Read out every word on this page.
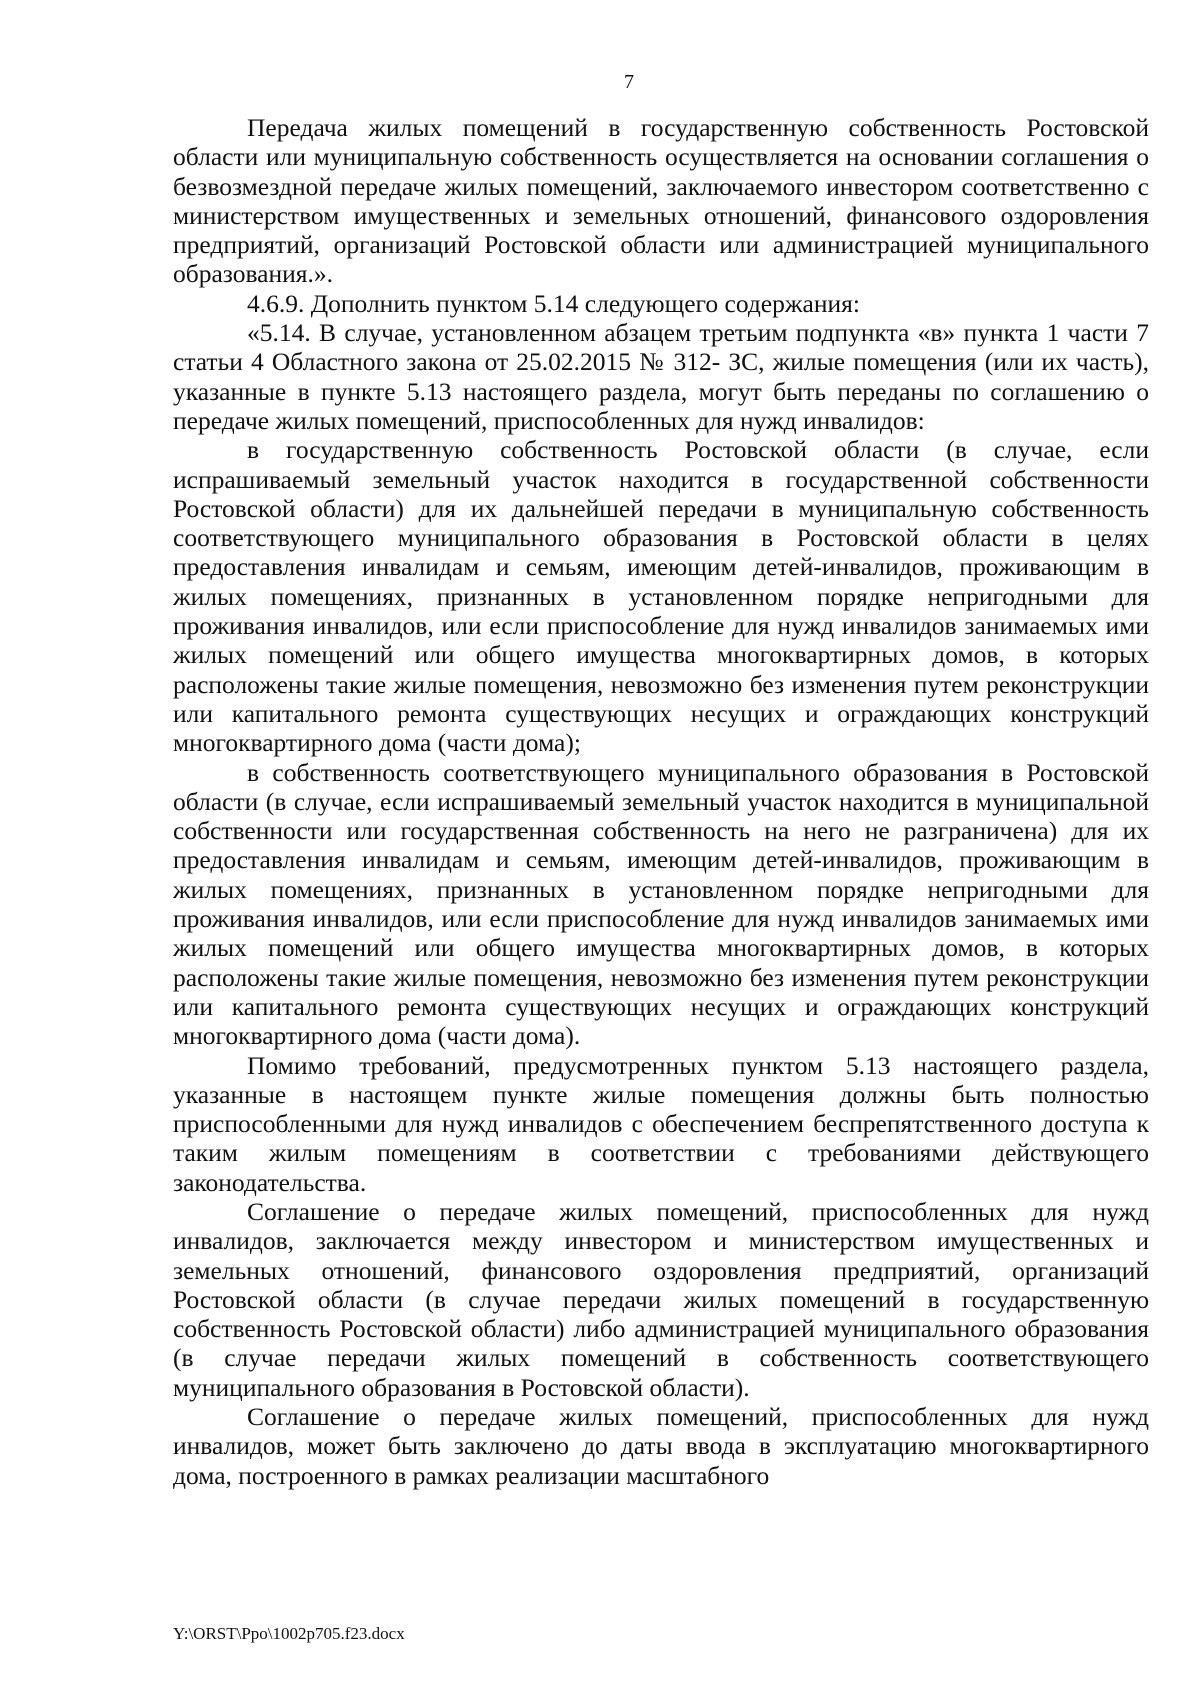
7

Передача жилых помещений в государственную собственность Ростовской области или муниципальную собственность осуществляется на основании соглашения о безвозмездной передаче жилых помещений, заключаемого инвестором соответственно с министерством имущественных и земельных отношений, финансового оздоровления предприятий, организаций Ростовской области или администрацией муниципального образования.».

4.6.9. Дополнить пунктом 5.14 следующего содержания:

«5.14. В случае, установленном абзацем третьим подпункта «в» пункта 1 части 7 статьи 4 Областного закона от 25.02.2015 № 312- ЗС, жилые помещения (или их часть), указанные в пункте 5.13 настоящего раздела, могут быть переданы по соглашению о передаче жилых помещений, приспособленных для нужд инвалидов:

в государственную собственность Ростовской области (в случае, если испрашиваемый земельный участок находится в государственной собственности Ростовской области) для их дальнейшей передачи в муниципальную собственность соответствующего муниципального образования в Ростовской области в целях предоставления инвалидам и семьям, имеющим детей-инвалидов, проживающим в жилых помещениях, признанных в установленном порядке непригодными для проживания инвалидов, или если приспособление для нужд инвалидов занимаемых ими жилых помещений или общего имущества многоквартирных домов, в которых расположены такие жилые помещения, невозможно без изменения путем реконструкции или капитального ремонта существующих несущих и ограждающих конструкций многоквартирного дома (части дома);

в собственность соответствующего муниципального образования в Ростовской области (в случае, если испрашиваемый земельный участок находится в муниципальной собственности или государственная собственность на него не разграничена) для их предоставления инвалидам и семьям, имеющим детей-инвалидов, проживающим в жилых помещениях, признанных в установленном порядке непригодными для проживания инвалидов, или если приспособление для нужд инвалидов занимаемых ими жилых помещений или общего имущества многоквартирных домов, в которых расположены такие жилые помещения, невозможно без изменения путем реконструкции или капитального ремонта существующих несущих и ограждающих конструкций многоквартирного дома (части дома).

Помимо требований, предусмотренных пунктом 5.13 настоящего раздела, указанные в настоящем пункте жилые помещения должны быть полностью приспособленными для нужд инвалидов с обеспечением беспрепятственного доступа к таким жилым помещениям в соответствии с требованиями действующего законодательства.

Соглашение о передаче жилых помещений, приспособленных для нужд инвалидов, заключается между инвестором и министерством имущественных и земельных отношений, финансового оздоровления предприятий, организаций Ростовской области (в случае передачи жилых помещений в государственную собственность Ростовской области) либо администрацией муниципального образования (в случае передачи жилых помещений в собственность соответствующего муниципального образования в Ростовской области).

Соглашение о передаче жилых помещений, приспособленных для нужд инвалидов, может быть заключено до даты ввода в эксплуатацию многоквартирного дома, построенного в рамках реализации масштабного

Y:\ORST\Ppo\1002p705.f23.docx
